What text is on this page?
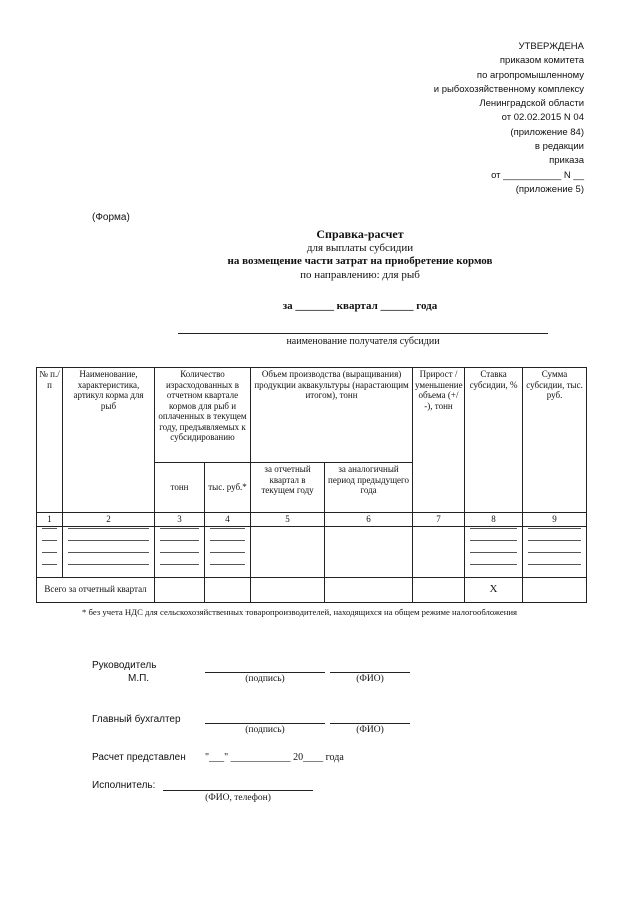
УТВЕРЖДЕНА
приказом комитета
по агропромышленному
и рыбохозяйственному комплексу
Ленинградской области
от 02.02.2015 N 04
(приложение 84)
в редакции
приказа
от ___________ N __
(приложение 5)
(Форма)
Справка-расчет
для выплаты субсидии
на возмещение части затрат на приобретение кормов
по направлению: для рыб
за _______ квартал ______ года
наименование получателя субсидии
№ п./п	Наименование, характеристика, артикул корма для рыб	Количество израсходованных в отчетном квартале кормов для рыб и оплаченных в текущем году, предъявляемых к субсидированию		Объем производства (выращивания) продукции аквакультуры (нарастающим итогом), тонн		Прирост /уменьшение объема (+/ -), тонн	Ставка субсидии, %	Сумма субсидии, тыс. руб.
		тонн	тыс. руб.*	за отчетный квартал в текущем году	за аналогичный период предыдущего года			
1	2	3	4	5	6	7	8	9

Всего за отчетный квартал							Х	
* без учета НДС для сельскохозяйственных товаропроизводителей, находящихся на общем режиме налогообложения
Руководитель
М.П.	(подпись)	(ФИО)
Главный бухгалтер
(подпись)	(ФИО)
Расчет представлен "___" ____________ 20____ года
Исполнитель:
(ФИО, телефон)
